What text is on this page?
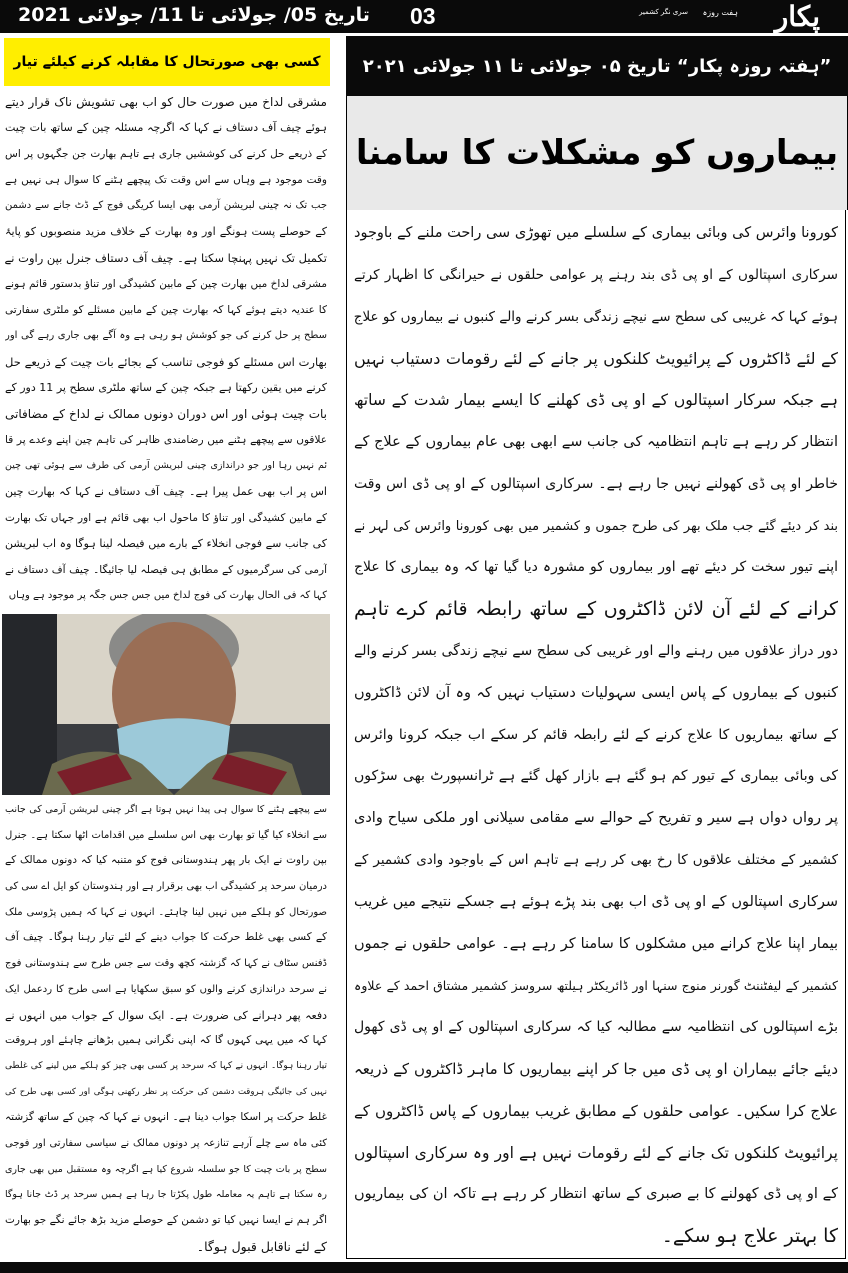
تاریخ 05/ جولائی تا 11/ جولائی 2021 03	سری نگر کشمیر ہفت روزہ پکار
کسی بھی صورتحال کا مقابلہ کرنے کیلئے تیار
مشرقی لداخ میں صورت حال کو اب بھی تشویش ناک قرار دیتے
ہوئے چیف آف دستاف نے کہا کہ اگرچہ مسئلہ چین کے ساتھ بات چیت
کے ذریعے حل کرنے کی کوششیں جاری ہے تاہم بھارت جن جگہوں پر اس
وقت موجود ہے وہاں سے اس وقت تک پیچھے ہٹنے کا سوال ہی نہیں ہے
جب تک نہ چینی لبریشن آرمی بھی ایسا کریگی فوج کے ڈٹ جانے سے دشمن
کے حوصلے پست ہونگے اور وہ بھارت کے خلاف مزید منصوبوں کو پایۂ
تکمیل تک نہیں پہنچا سکتا ہے۔ چیف آف دستاف جنرل بپن راوت نے
مشرقی لداخ میں بھارت چین کے مابین کشیدگی اور تناؤ بدستور قائم ہونے
کا عندیہ دیتے ہوئے کہا کہ بھارت چین کے مابین مسئلے کو ملٹری سفارتی
سطح پر حل کرنے کی جو کوشش ہو رہی ہے وہ آگے بھی جاری رہے گی اور
بھارت اس مسئلے کو فوجی تناسب کے بجائے بات چیت کے ذریعے حل
کرنے میں یقین رکھتا ہے جبکہ چین کے ساتھ ملٹری سطح پر 11 دور کے
بات چیت ہوئی اور اس دوران دونوں ممالک نے لداخ کے مضافاتی
علاقوں سے پیچھے ہٹنے میں رضامندی ظاہر کی تاہم چین اپنے وعدے پر قا
ئم نہیں رہا اور جو دراندازی چینی لبریشن آرمی کی طرف سے ہوئی تھی چین
اس پر اب بھی عمل پیرا ہے۔ چیف آف دستاف نے کہا کہ بھارت چین
کے مابین کشیدگی اور تناؤ کا ماحول اب بھی قائم ہے اور جہاں تک بھارت
کی جانب سے فوجی انخلاء کے بارے میں فیصلہ لینا ہوگا وہ اب لبریشن
آرمی کی سرگرمیوں کے مطابق ہی فیصلہ لیا جائیگا۔ چیف آف دستاف نے
کہا کہ فی الحال بھارت کی فوج لداخ میں جس جس جگہ پر موجود ہے وہاں
سے پیچھے ہٹنے کا سوال ہی پیدا نہیں ہوتا ہے اگر چینی لبریشن آرمی کی جانب
سے انخلاء کیا گیا تو بھارت بھی اس سلسلے میں اقدامات اٹھا سکتا ہے۔ جنرل
بپن راوت نے ایک بار پھر ہندوستانی فوج کو متنبہ کیا کہ دونوں ممالک کے
درمیان سرحد پر کشیدگی اب بھی برقرار ہے اور ہندوستان کو ایل اے سی کی
صورتحال کو ہلکے میں نہیں لینا چاہئے۔ انہوں نے کہا کہ ہمیں پڑوسی ملک
کے کسی بھی غلط حرکت کا جواب دینے کے لئے تیار رہنا ہوگا۔ چیف آف
ڈفنس سٹاف نے کہا کہ گزشتہ کچھ وقت سے جس طرح سے ہندوستانی فوج
نے سرحد دراندازی کرنے والوں کو سبق سکھایا ہے اسی طرح کا ردعمل ایک
دفعہ پھر دہرانے کی ضرورت ہے۔ ایک سوال کے جواب میں انہوں نے
کہا کہ میں یہی کہوں گا کہ اپنی نگرانی ہمیں بڑھانے چاہئے اور ہروقت
تیار رہنا ہوگا۔ انہوں نے کہا کہ سرحد پر کسی بھی چیز کو ہلکے میں لینے کی غلطی
نہیں کی جائیگی ہروقت دشمن کی حرکت پر نظر رکھنی ہوگی اور کسی بھی طرح کی
غلط حرکت پر اسکا جواب دینا ہے۔ انہوں نے کہا کہ چین کے ساتھ گزشتہ
کئی ماہ سے چلے آرہے تنازعہ پر دونوں ممالک نے سیاسی سفارتی اور فوجی
سطح پر بات چیت کا جو سلسلہ شروع کیا ہے اگرچہ وہ مستقبل میں بھی جاری
رہ سکتا ہے تاہم یہ معاملہ طول پکڑتا جا رہا ہے ہمیں سرحد پر ڈٹ جانا ہوگا
اگر ہم نے ایسا نہیں کیا تو دشمن کے حوصلے مزید بڑھ جائے نگے جو بھارت
کے لئے ناقابل قبول ہوگا۔
”ہفتہ روزہ پکار“ تاریخ ۰۵ جولائی تا ۱۱ جولائی ۲۰۲۱
بیماروں کو مشکلات کا سامنا
کورونا وائرس کی وبائی بیماری کے سلسلے میں تھوڑی سی راحت ملنے کے باوجود
سرکاری اسپتالوں کے او پی ڈی بند رہنے پر عوامی حلقوں نے حیرانگی کا اظہار کرتے
ہوئے کہا کہ غریبی کی سطح سے نیچے زندگی بسر کرنے والے کنبوں نے بیماروں کو علاج
کے لئے ڈاکٹروں کے پرائیویٹ کلنکوں پر جانے کے لئے رقومات دستیاب نہیں
ہے جبکہ سرکار اسپتالوں کے او پی ڈی کھلنے کا ایسے بیمار شدت کے ساتھ
انتظار کر رہے ہے تاہم انتظامیہ کی جانب سے ابھی بھی عام بیماروں کے علاج کے
خاطر او پی ڈی کھولنے نہیں جا رہے ہے۔ سرکاری اسپتالوں کے او پی ڈی اس وقت
بند کر دیئے گئے جب ملک بھر کی طرح جموں و کشمیر میں بھی کورونا وائرس کی لہر نے
اپنے تیور سخت کر دیئے تھے اور بیماروں کو مشورہ دیا گیا تھا کہ وہ بیماری کا علاج
کرانے کے لئے آن لائن ڈاکٹروں کے ساتھ رابطہ قائم کرے تاہم
دور دراز علاقوں میں رہنے والے اور غریبی کی سطح سے نیچے زندگی بسر کرنے والے
کنبوں کے بیماروں کے پاس ایسی سہولیات دستیاب نہیں کہ وہ آن لائن ڈاکٹروں
کے ساتھ بیماریوں کا علاج کرنے کے لئے رابطہ قائم کر سکے اب جبکہ کرونا وائرس
کی وبائی بیماری کے تیور کم ہو گئے ہے بازار کھل گئے ہے ٹرانسپورٹ بھی سڑکوں
پر رواں دواں ہے سیر و تفریح کے حوالے سے مقامی سیلانی اور ملکی سیاح وادی
کشمیر کے مختلف علاقوں کا رخ بھی کر رہے ہے تاہم اس کے باوجود وادی کشمیر کے
سرکاری اسپتالوں کے او پی ڈی اب بھی بند پڑے ہوئے ہے جسکے نتیجے میں غریب
بیمار اپنا علاج کرانے میں مشکلوں کا سامنا کر رہے ہے۔ عوامی حلقوں نے جموں
کشمیر کے لیفٹننٹ گورنر منوج سنہا اور ڈائریکٹر ہیلتھ سروسز کشمیر مشتاق احمد کے علاوہ
بڑے اسپتالوں کی انتظامیہ سے مطالبہ کیا کہ سرکاری اسپتالوں کے او پی ڈی کھول
دیئے جائے بیماران او پی ڈی میں جا کر اپنے بیماریوں کا ماہر ڈاکٹروں کے ذریعہ
علاج کرا سکیں۔ عوامی حلقوں کے مطابق غریب بیماروں کے پاس ڈاکٹروں کے
پرائیویٹ کلنکوں تک جانے کے لئے رقومات نہیں ہے اور وہ سرکاری اسپتالوں
کے او پی ڈی کھولنے کا بے صبری کے ساتھ انتظار کر رہے ہے تاکہ ان کی بیماریوں
کا بہتر علاج ہو سکے۔
